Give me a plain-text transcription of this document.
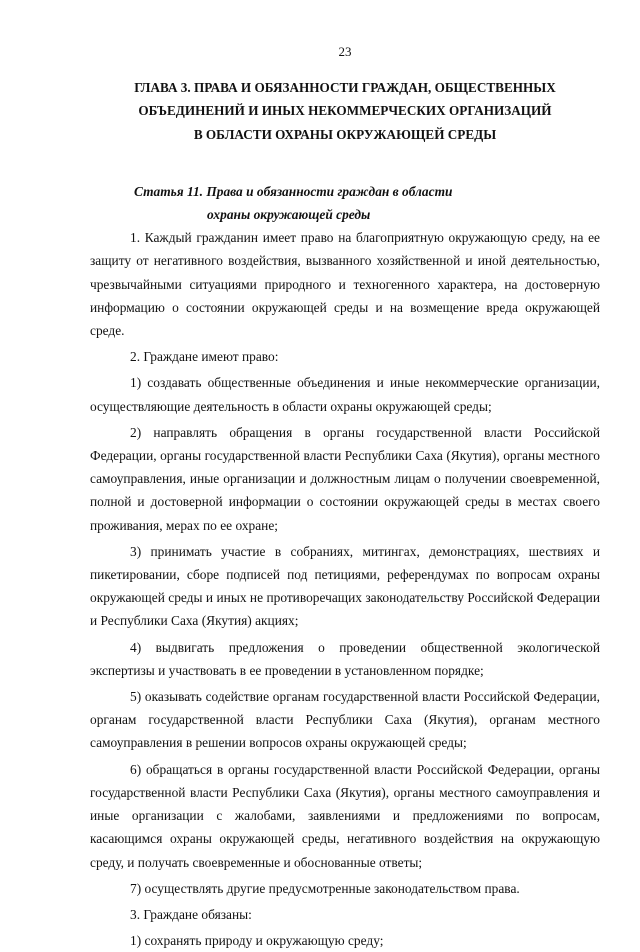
23
ГЛАВА 3. ПРАВА И ОБЯЗАННОСТИ ГРАЖДАН, ОБЩЕСТВЕННЫХ
ОБЪЕДИНЕНИЙ И ИНЫХ НЕКОММЕРЧЕСКИХ ОРГАНИЗАЦИЙ
В ОБЛАСТИ ОХРАНЫ ОКРУЖАЮЩЕЙ СРЕДЫ
Статья 11. Права и обязанности граждан в области
охраны окружающей среды

1. Каждый гражданин имеет право на благоприятную окружающую среду, на ее защиту от негативного воздействия, вызванного хозяйственной и иной деятельностью, чрезвычайными ситуациями природного и техногенного характера, на достоверную информацию о состоянии окружающей среды и на возмещение вреда окружающей среде.

2. Граждане имеют право:

1) создавать общественные объединения и иные некоммерческие организации, осуществляющие деятельность в области охраны окружающей среды;

2) направлять обращения в органы государственной власти Российской Федерации, органы государственной власти Республики Саха (Якутия), органы местного самоуправления, иные организации и должностным лицам о получении своевременной, полной и достоверной информации о состоянии окружающей среды в местах своего проживания, мерах по ее охране;

3) принимать участие в собраниях, митингах, демонстрациях, шествиях и пикетировании, сборе подписей под петициями, референдумах по вопросам охраны окружающей среды и иных не противоречащих законодательству Российской Федерации и Республики Саха (Якутия) акциях;

4) выдвигать предложения о проведении общественной экологической экспертизы и участвовать в ее проведении в установленном порядке;

5) оказывать содействие органам государственной власти Российской Федерации, органам государственной власти Республики Саха (Якутия), органам местного самоуправления в решении вопросов охраны окружающей среды;

6) обращаться в органы государственной власти Российской Федерации, органы государственной власти Республики Саха (Якутия), органы местного самоуправления и иные организации с жалобами, заявлениями и предложениями по вопросам, касающимся охраны окружающей среды, негативного воздействия на окружающую среду, и получать своевременные и обоснованные ответы;

7) осуществлять другие предусмотренные законодательством права.

3. Граждане обязаны:

1) сохранять природу и окружающую среду;
